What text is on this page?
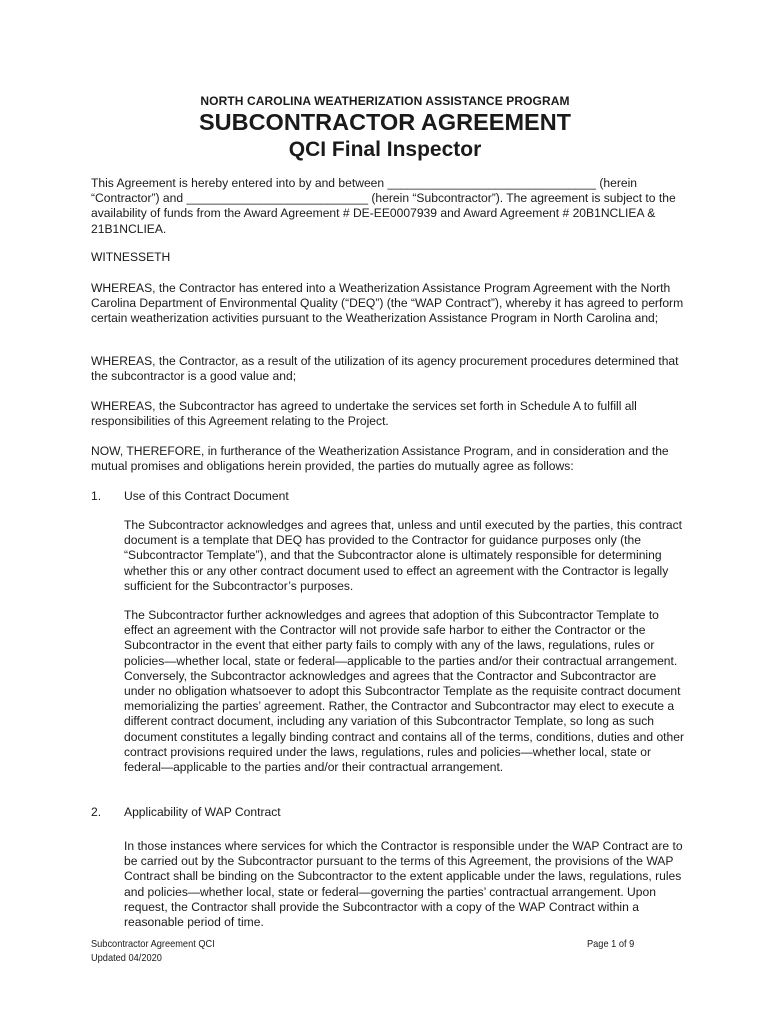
NORTH CAROLINA WEATHERIZATION ASSISTANCE PROGRAM
SUBCONTRACTOR AGREEMENT
QCI Final Inspector
This Agreement is hereby entered into by and between _______________________________ (herein “Contractor”) and ___________________________ (herein “Subcontractor”). The agreement is subject to the availability of funds from the Award Agreement # DE-EE0007939 and Award Agreement # 20B1NCLIEA & 21B1NCLIEA.
WITNESSETH
WHEREAS, the Contractor has entered into a Weatherization Assistance Program Agreement with the North Carolina Department of Environmental Quality (“DEQ”) (the “WAP Contract”), whereby it has agreed to perform certain weatherization activities pursuant to the Weatherization Assistance Program in North Carolina and;
WHEREAS, the Contractor, as a result of the utilization of its agency procurement procedures determined that the subcontractor is a good value and;
WHEREAS, the Subcontractor has agreed to undertake the services set forth in Schedule A to fulfill all responsibilities of this Agreement relating to the Project.
NOW, THEREFORE, in furtherance of the Weatherization Assistance Program, and in consideration and the mutual promises and obligations herein provided, the parties do mutually agree as follows:
1. Use of this Contract Document
The Subcontractor acknowledges and agrees that, unless and until executed by the parties, this contract document is a template that DEQ has provided to the Contractor for guidance purposes only (the “Subcontractor Template”), and that the Subcontractor alone is ultimately responsible for determining whether this or any other contract document used to effect an agreement with the Contractor is legally sufficient for the Subcontractor’s purposes.
The Subcontractor further acknowledges and agrees that adoption of this Subcontractor Template to effect an agreement with the Contractor will not provide safe harbor to either the Contractor or the Subcontractor in the event that either party fails to comply with any of the laws, regulations, rules or policies—whether local, state or federal—applicable to the parties and/or their contractual arrangement. Conversely, the Subcontractor acknowledges and agrees that the Contractor and Subcontractor are under no obligation whatsoever to adopt this Subcontractor Template as the requisite contract document memorializing the parties’ agreement. Rather, the Contractor and Subcontractor may elect to execute a different contract document, including any variation of this Subcontractor Template, so long as such document constitutes a legally binding contract and contains all of the terms, conditions, duties and other contract provisions required under the laws, regulations, rules and policies—whether local, state or federal—applicable to the parties and/or their contractual arrangement.
2. Applicability of WAP Contract
In those instances where services for which the Contractor is responsible under the WAP Contract are to be carried out by the Subcontractor pursuant to the terms of this Agreement, the provisions of the WAP Contract shall be binding on the Subcontractor to the extent applicable under the laws, regulations, rules and policies—whether local, state or federal—governing the parties’ contractual arrangement. Upon request, the Contractor shall provide the Subcontractor with a copy of the WAP Contract within a reasonable period of time.
Subcontractor Agreement QCI
Updated 04/2020
Page 1 of 9
